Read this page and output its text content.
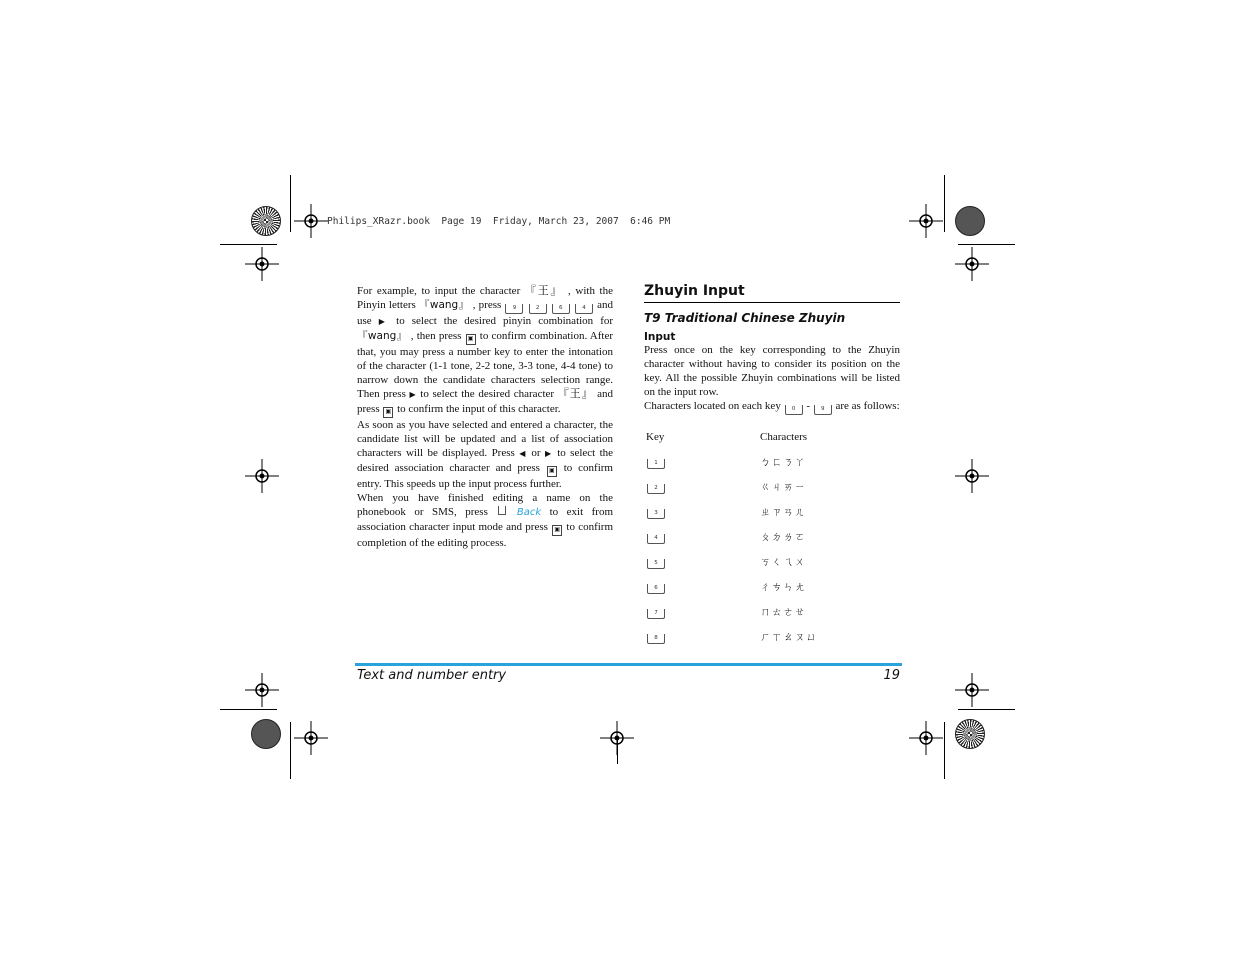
Philips_XRazr.book  Page 19  Friday, March 23, 2007  6:46 PM

For example, to input the character 『王』 , with the Pinyin letters 『wang』 , press 9	2	6	4 and use ▶ to select the desired pinyin combination for 『wang』 , then press ▣ to confirm combination. After that, you may press a number key to enter the intonation of the character (1-1 tone, 2-2 tone, 3-3 tone, 4-4 tone) to narrow down the candidate characters selection range. Then press ▶ to select the desired character 『王』 and press ▣ to confirm the input of this character.

As soon as you have selected and entered a character, the candidate list will be updated and a list of association characters will be displayed. Press ◀ or ▶ to select the desired association character and press ▣ to confirm entry. This speeds up the input process further.

When you have finished editing a name on the phonebook or SMS, press	Back to exit from association character input mode and press ▣ to confirm completion of the editing process.

Zhuyin Input
T9 Traditional Chinese Zhuyin
Input

Press once on the key corresponding to the Zhuyin character without having to consider its position on the key. All the possible Zhuyin combinations will be listed on the input row.

Characters located on each key 0 - 9 are as follows:

Key	Characters
1	ㄅㄈㄋㄚ
2	ㄍㄐㄞㄧ
3	ㄓㄗㄢㄦ
4	ㄆㄉㄌㄛ
5	ㄎㄑㄟㄨ
6	ㄔㄘㄣㄤ
7	ㄇㄊㄜㄝ
8	ㄏㄒㄠㄡㄩ
Text and number entry	19
